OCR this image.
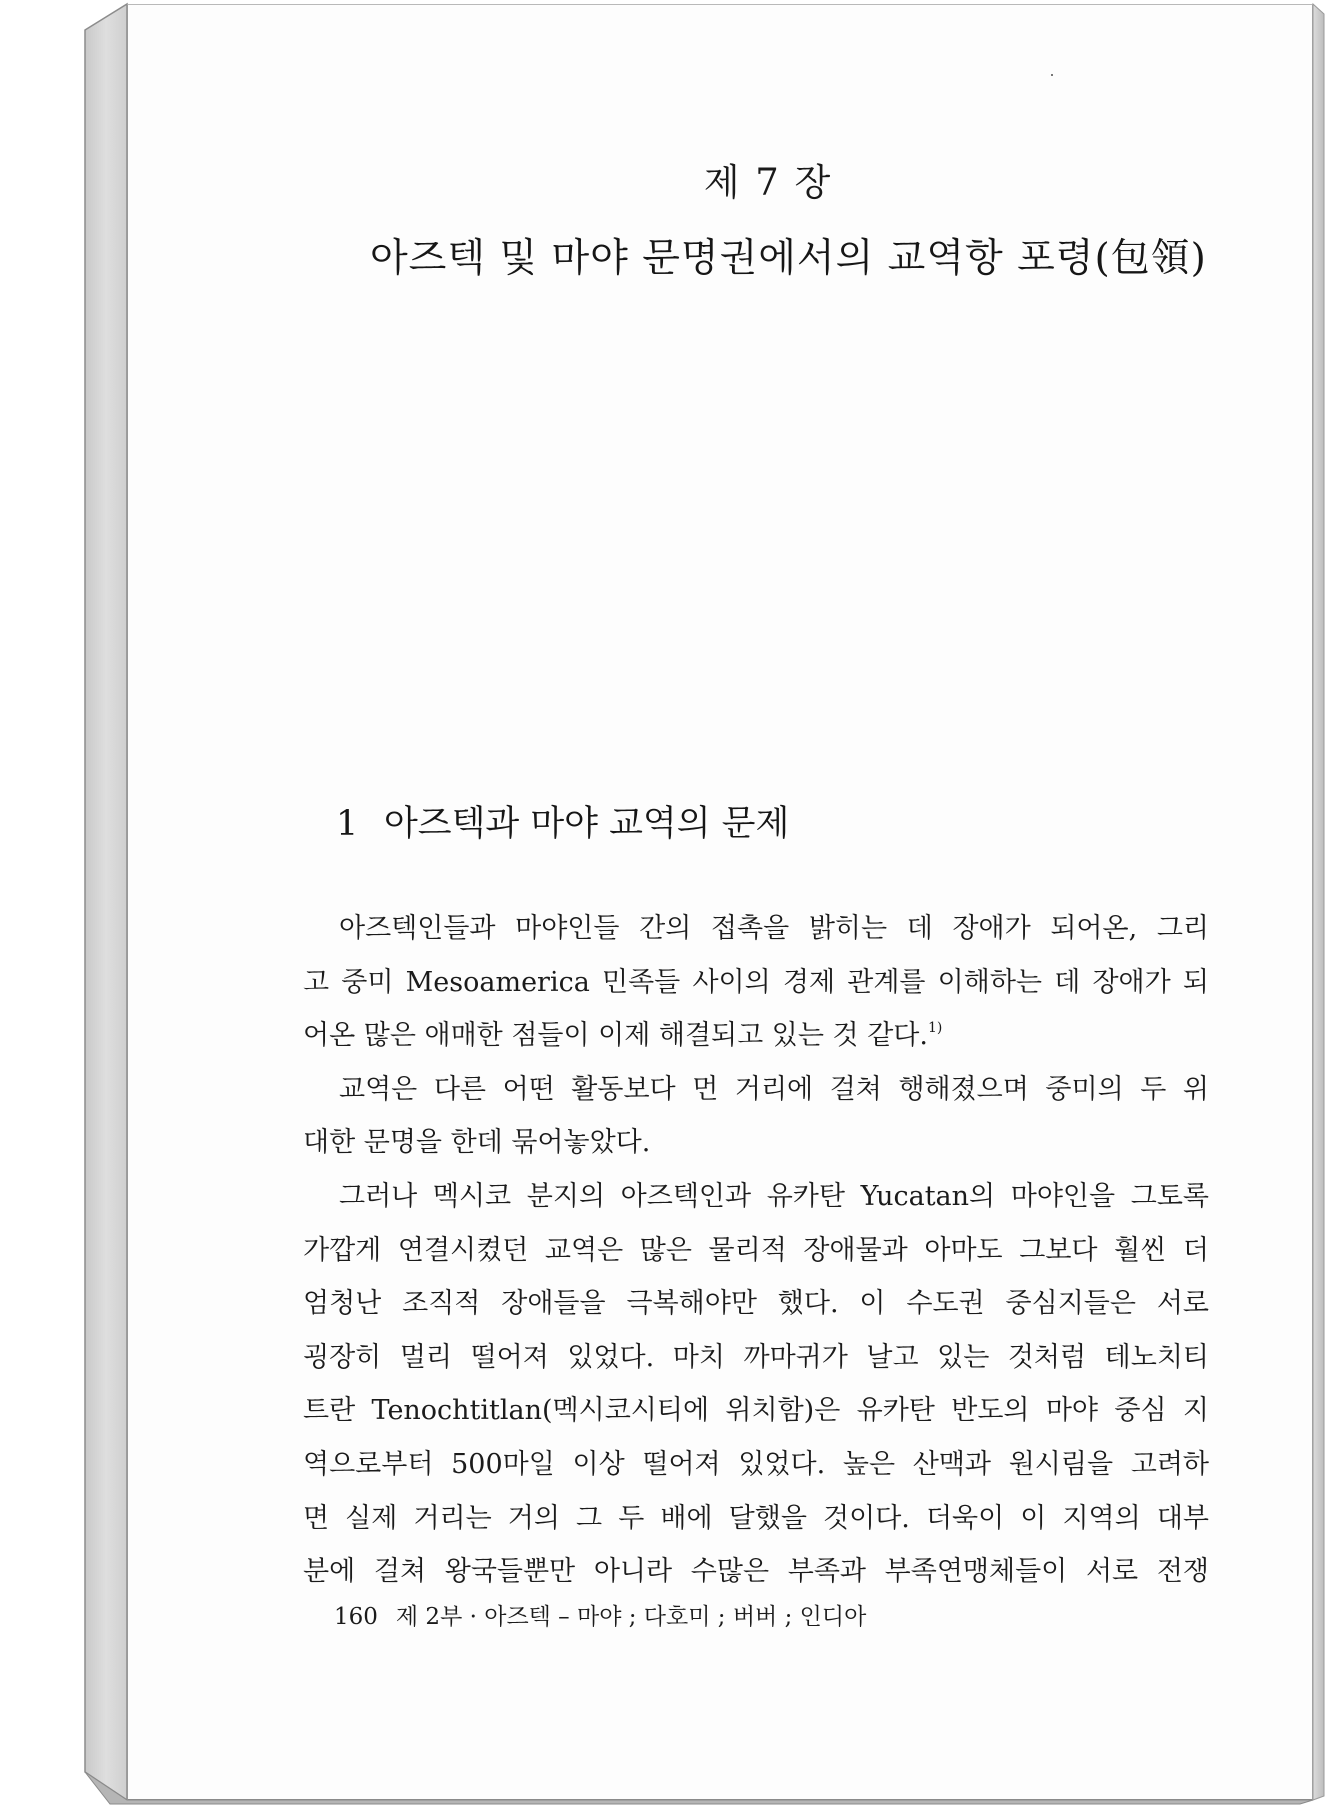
제 7 장
아즈텍 및 마야 문명권에서의 교역항 포령(包領)
1 아즈텍과 마야 교역의 문제
아즈텍인들과 마야인들 간의 접촉을 밝히는 데 장애가 되어온, 그리
고 중미 Mesoamerica 민족들 사이의 경제 관계를 이해하는 데 장애가 되
어온 많은 애매한 점들이 이제 해결되고 있는 것 같다.$^{1)}$
교역은 다른 어떤 활동보다 먼 거리에 걸쳐 행해졌으며 중미의 두 위
대한 문명을 한데 묶어놓았다.
그러나 멕시코 분지의 아즈텍인과 유카탄 Yucatan의 마야인을 그토록
가깝게 연결시켰던 교역은 많은 물리적 장애물과 아마도 그보다 훨씬 더
엄청난 조직적 장애들을 극복해야만 했다. 이 수도권 중심지들은 서로
굉장히 멀리 떨어져 있었다. 마치 까마귀가 날고 있는 것처럼 테노치티
트란 Tenochtitlan(멕시코시티에 위치함)은 유카탄 반도의 마야 중심 지
역으로부터 500마일 이상 떨어져 있었다. 높은 산맥과 원시림을 고려하
면 실제 거리는 거의 그 두 배에 달했을 것이다. 더욱이 이 지역의 대부
분에 걸쳐 왕국들뿐만 아니라 수많은 부족과 부족연맹체들이 서로 전쟁
160 제 2부 · 아즈텍 – 마야 ; 다호미 ; 버버 ; 인디아
